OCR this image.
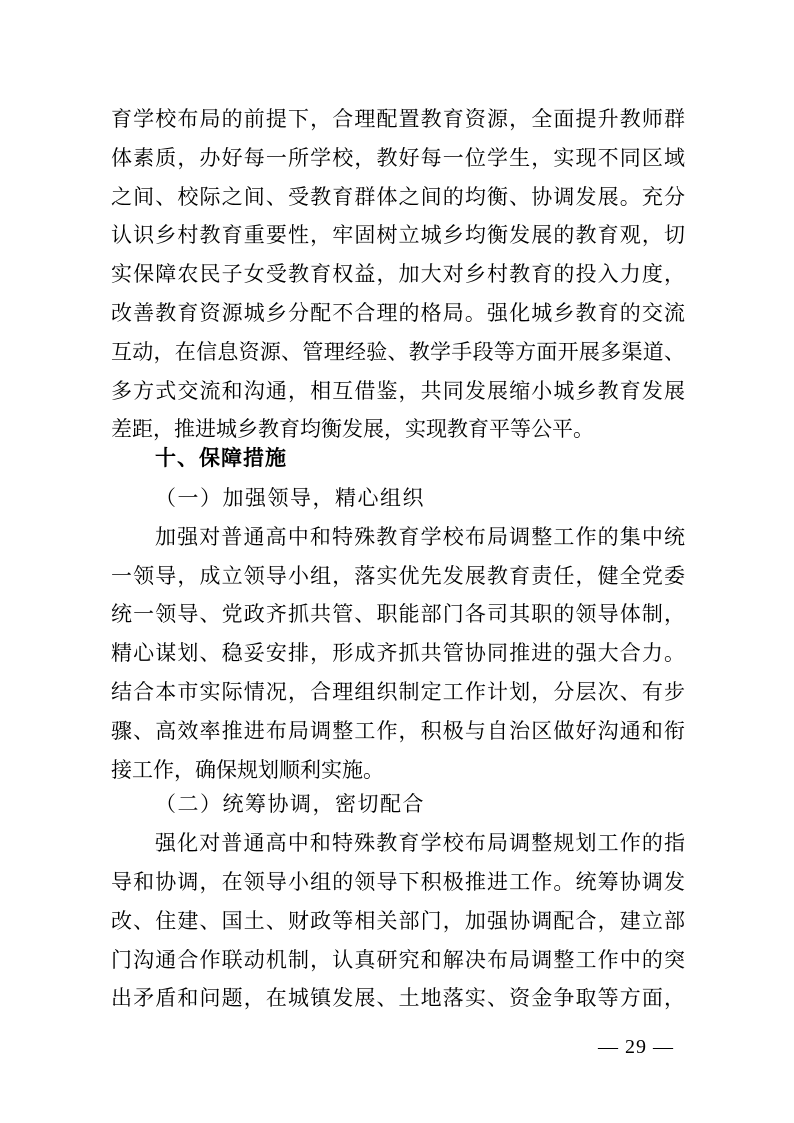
育学校布局的前提下，合理配置教育资源，全面提升教师群
体素质，办好每一所学校，教好每一位学生，实现不同区域
之间、校际之间、受教育群体之间的均衡、协调发展。充分
认识乡村教育重要性，牢固树立城乡均衡发展的教育观，切
实保障农民子女受教育权益，加大对乡村教育的投入力度，
改善教育资源城乡分配不合理的格局。强化城乡教育的交流
互动，在信息资源、管理经验、教学手段等方面开展多渠道、
多方式交流和沟通，相互借鉴，共同发展缩小城乡教育发展
差距，推进城乡教育均衡发展，实现教育平等公平。
十、保障措施
（一）加强领导，精心组织
加强对普通高中和特殊教育学校布局调整工作的集中统
一领导，成立领导小组，落实优先发展教育责任，健全党委
统一领导、党政齐抓共管、职能部门各司其职的领导体制，
精心谋划、稳妥安排，形成齐抓共管协同推进的强大合力。
结合本市实际情况，合理组织制定工作计划，分层次、有步
骤、高效率推进布局调整工作，积极与自治区做好沟通和衔
接工作，确保规划顺利实施。
（二）统筹协调，密切配合
强化对普通高中和特殊教育学校布局调整规划工作的指
导和协调，在领导小组的领导下积极推进工作。统筹协调发
改、住建、国土、财政等相关部门，加强协调配合，建立部
门沟通合作联动机制，认真研究和解决布局调整工作中的突
出矛盾和问题，在城镇发展、土地落实、资金争取等方面，
— 29 —
